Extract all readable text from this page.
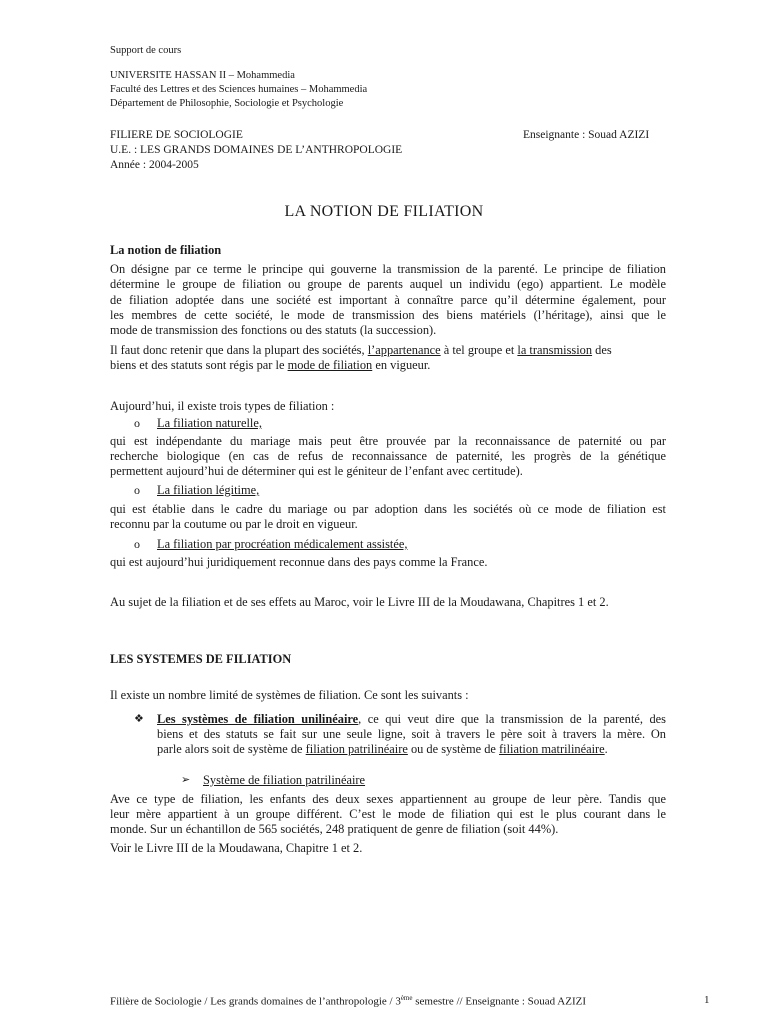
Support de cours
UNIVERSITE HASSAN II – Mohammedia
Faculté des Lettres et des Sciences humaines – Mohammedia
Département de Philosophie, Sociologie et Psychologie
FILIERE DE SOCIOLOGIE	Enseignante : Souad AZIZI
U.E. : LES GRANDS DOMAINES DE L’ANTHROPOLOGIE
Année : 2004-2005
LA NOTION DE FILIATION
La notion de filiation
On désigne par ce terme le principe qui gouverne la transmission de la parenté. Le principe de filiation
détermine le groupe de filiation ou groupe de parents auquel un individu (ego) appartient. Le modèle
de filiation adoptée dans une société est important à connaître parce qu’il détermine également, pour
les membres de cette société, le mode de transmission des biens matériels (l’héritage), ainsi que le
mode de transmission des fonctions ou des statuts (la succession).
Il faut donc retenir que dans la plupart des sociétés, l’appartenance à tel groupe et la transmission des
biens et des statuts sont régis par le mode de filiation en vigueur.
Aujourd’hui, il existe trois types de filiation :
o La filiation naturelle,
qui est indépendante du mariage mais peut être prouvée par la reconnaissance de paternité ou par
recherche biologique (en cas de refus de reconnaissance de paternité, les progrès de la génétique
permettent aujourd’hui de déterminer qui est le géniteur de l’enfant avec certitude).
o La filiation légitime,
qui est établie dans le cadre du mariage ou par adoption dans les sociétés où ce mode de filiation est
reconnu par la coutume ou par le droit en vigueur.
o La filiation par procréation médicalement assistée,
qui est aujourd’hui juridiquement reconnue dans des pays comme la France.
Au sujet de la filiation et de ses effets au Maroc, voir le Livre III de la Moudawana, Chapitres 1 et 2.
LES SYSTEMES DE FILIATION
Il existe un nombre limité de systèmes de filiation. Ce sont les suivants :
❖ Les systèmes de filiation unilinéaire, ce qui veut dire que la transmission de la parenté, des
biens et des statuts se fait sur une seule ligne, soit à travers le père soit à travers la mère. On
parle alors soit de système de filiation patrilinéaire ou de système de filiation matrilinéaire.
➢ Système de filiation patrilinéaire
Ave ce type de filiation, les enfants des deux sexes appartiennent au groupe de leur père. Tandis que
leur mère appartient à un groupe différent. C’est le mode de filiation qui est le plus courant dans le
monde. Sur un échantillon de 565 sociétés, 248 pratiquent de genre de filiation (soit 44%).
Voir le Livre III de la Moudawana, Chapitre 1 et 2.
Filière de Sociologie / Les grands domaines de l’anthropologie / 3ème semestre // Enseignante : Souad AZIZI	1
